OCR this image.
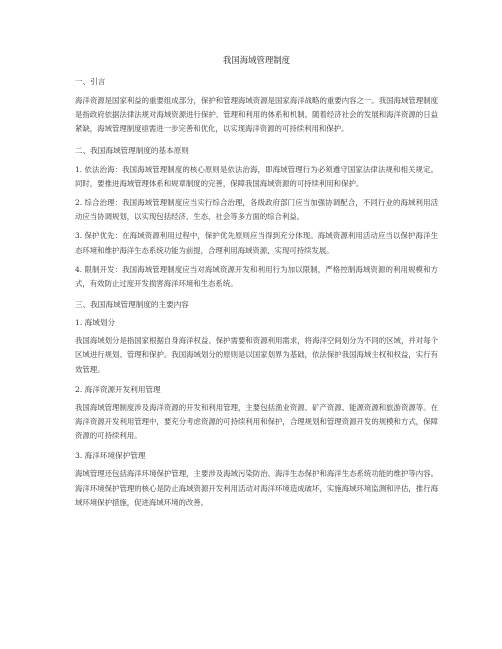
我国海域管理制度
一、引言

海洋资源是国家利益的重要组成部分，保护和管理海域资源是国家海洋战略的重要内容之一。我国海域管理制度是指政府依据法律法规对海域资源进行保护、管理和利用的体系和机制。随着经济社会的发展和海洋资源的日益紧缺，海域管理制度亟需进一步完善和优化，以实现海洋资源的可持续利用和保护。

二、我国海域管理制度的基本原则

1. 依法治海：我国海域管理制度的核心原则是依法治海，即海域管理行为必须遵守国家法律法规和相关规定。同时，要推进海域管理体系和规章制度的完善，保障我国海域资源的可持续利用和保护。

2. 综合治理：我国海域管理制度应当实行综合治理，各级政府部门应当加强协调配合，不同行业的海域利用活动应当协调规划，以实现包括经济、生态、社会等多方面的综合利益。

3. 保护优先：在海域资源利用过程中，保护优先原则应当得到充分体现。海域资源利用活动应当以保护海洋生态环境和维护海洋生态系统功能为前提，合理利用海域资源，实现可持续发展。

4. 限制开发：我国海域管理制度应当对海域资源开发和利用行为加以限制，严格控制海域资源的利用规模和方式，有效防止过度开发损害海洋环境和生态系统。

三、我国海域管理制度的主要内容
1. 海域划分

我国海域划分是指国家根据自身海洋权益、保护需要和资源利用需求，将海洋空间划分为不同的区域，并对每个区域进行规划、管理和保护。我国海域划分的原则是以国家划界为基础，依法保护我国海域主权和权益，实行有效管理。

2. 海洋资源开发利用管理

我国海域管理制度涉及海洋资源的开发和利用管理，主要包括渔业资源、矿产资源、能源资源和旅游资源等。在海洋资源开发利用管理中，要充分考虑资源的可持续利用和保护，合理规划和管理资源开发的规模和方式，保障资源的可持续利用。

3. 海洋环境保护管理

海域管理还包括海洋环境保护管理，主要涉及海域污染防治、海洋生态保护和海洋生态系统功能的维护等内容。海洋环境保护管理的核心是防止海域资源开发利用活动对海洋环境造成破坏，实施海域环境监测和评估，推行海域环境保护措施，促进海域环境的改善。
